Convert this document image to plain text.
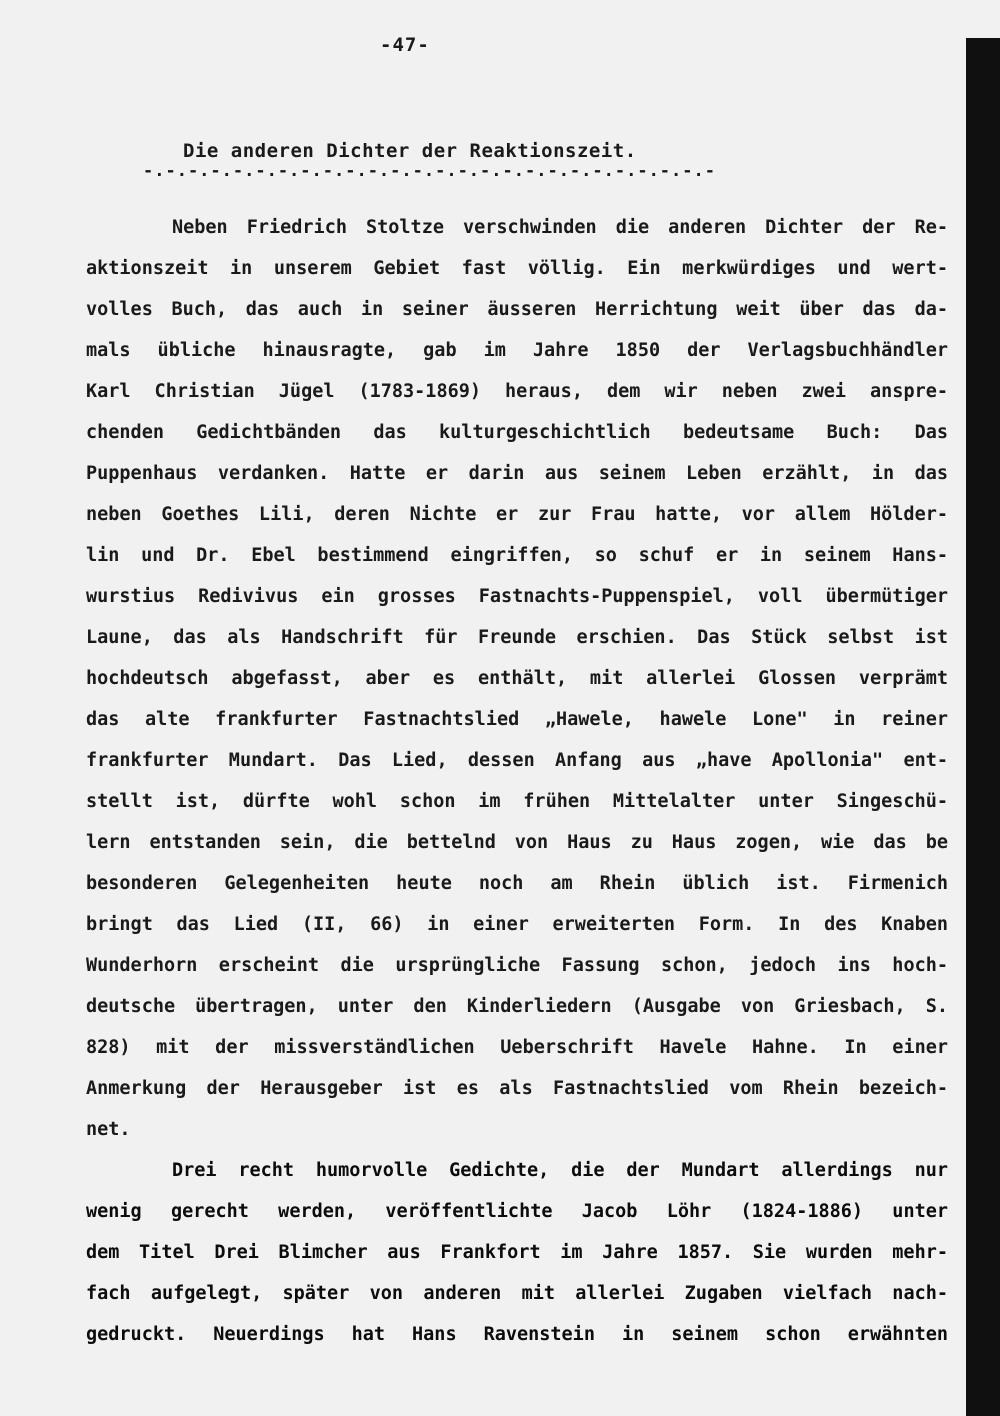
-47-
Die anderen Dichter der Reaktionszeit.
-.-.-.-.-.-.-.-.-.-.-.-.-.-.-.-.-.-.-.-.-.-.-.-.-.-
Neben Friedrich Stoltze verschwinden die anderen Dichter der Re-
aktionszeit in unserem Gebiet fast völlig. Ein merkwürdiges und wert-
volles Buch, das auch in seiner äusseren Herrichtung weit über das da-
mals übliche hinausragte, gab im Jahre 1850 der Verlagsbuchhändler
Karl Christian Jügel (1783-1869) heraus, dem wir neben zwei anspre-
chenden Gedichtbänden das kulturgeschichtlich bedeutsame Buch: Das
Puppenhaus verdanken. Hatte er darin aus seinem Leben erzählt, in das
neben Goethes Lili, deren Nichte er zur Frau hatte, vor allem Hölder-
lin und Dr. Ebel bestimmend eingriffen, so schuf er in seinem Hans-
wurstius Redivivus ein grosses Fastnachts-Puppenspiel, voll übermütiger
Laune, das als Handschrift für Freunde erschien. Das Stück selbst ist
hochdeutsch abgefasst, aber es enthält, mit allerlei Glossen verprämt
das alte frankfurter Fastnachtslied „Hawele, hawele Lone" in reiner
frankfurter Mundart. Das Lied, dessen Anfang aus „have Apollonia" ent-
stellt ist, dürfte wohl schon im frühen Mittelalter unter Singeschü-
lern entstanden sein, die bettelnd von Haus zu Haus zogen, wie das be
besonderen Gelegenheiten heute noch am Rhein üblich ist. Firmenich
bringt das Lied (II, 66) in einer erweiterten Form. In des Knaben
Wunderhorn erscheint die ursprüngliche Fassung schon, jedoch ins hoch-
deutsche übertragen, unter den Kinderliedern (Ausgabe von Griesbach, S.
828) mit der missverständlichen Ueberschrift Havele Hahne. In einer
Anmerkung der Herausgeber ist es als Fastnachtslied vom Rhein bezeich-
net.
Drei recht humorvolle Gedichte, die der Mundart allerdings nur
wenig gerecht werden, veröffentlichte Jacob Löhr (1824-1886) unter
dem Titel Drei Blimcher aus Frankfort im Jahre 1857. Sie wurden mehr-
fach aufgelegt, später von anderen mit allerlei Zugaben vielfach nach-
gedruckt. Neuerdings hat Hans Ravenstein in seinem schon erwähnten
